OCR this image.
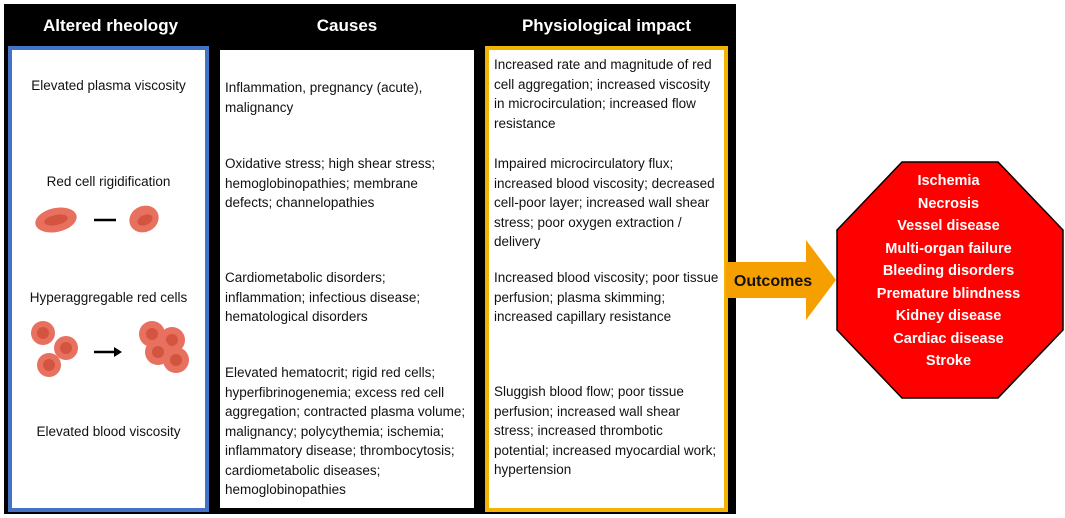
Altered rheology	Causes	Physiological impact
Elevated plasma viscosity
Red cell rigidification
Hyperaggregable red cells
Elevated blood viscosity
Inflammation, pregnancy (acute), malignancy
Oxidative stress; high shear stress; hemoglobinopathies; membrane defects; channelopathies
Cardiometabolic disorders; inflammation; infectious disease; hematological disorders
Elevated hematocrit; rigid red cells; hyperfibrinogenemia; excess red cell aggregation; contracted plasma volume; malignancy; polycythemia; ischemia; inflammatory disease; thrombocytosis; cardiometabolic diseases; hemoglobinopathies
Increased rate and magnitude of red cell aggregation; increased viscosity in microcirculation; increased flow resistance
Impaired microcirculatory flux; increased blood viscosity; decreased cell-poor layer; increased wall shear stress; poor oxygen extraction / delivery
Increased blood viscosity; poor tissue perfusion; plasma skimming; increased capillary resistance
Sluggish blood flow; poor tissue perfusion; increased wall shear stress; increased thrombotic potential; increased myocardial work; hypertension
Outcomes
Ischemia
Necrosis
Vessel disease
Multi-organ failure
Bleeding disorders
Premature blindness
Kidney disease
Cardiac disease
Stroke
